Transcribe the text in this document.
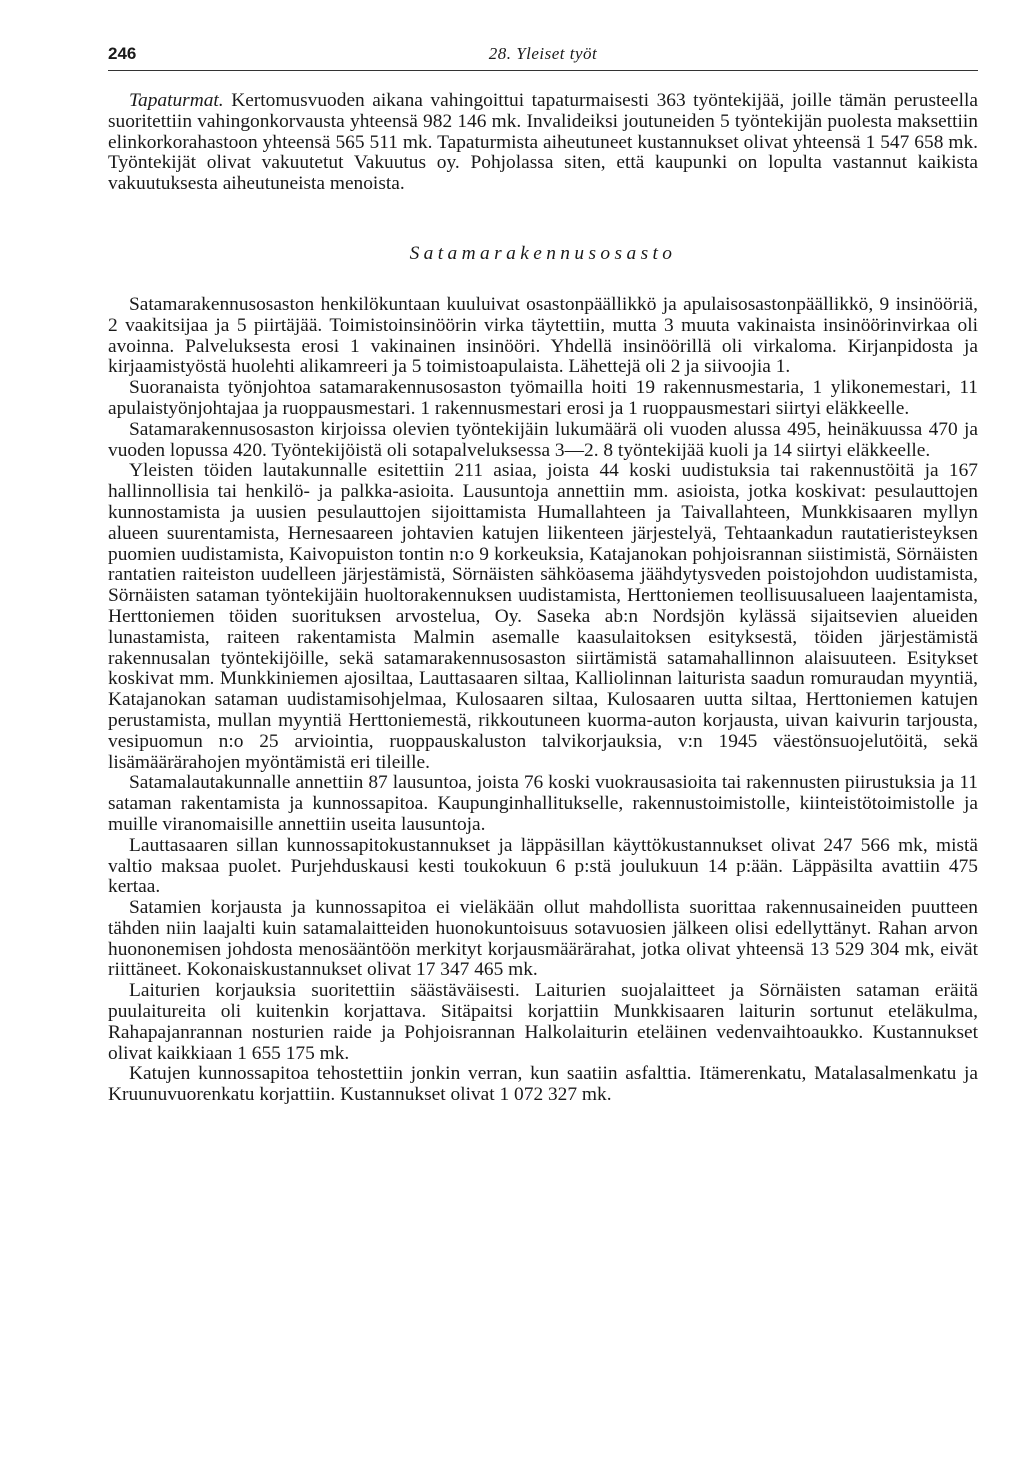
246	28. Yleiset työt

Tapaturmat. Kertomusvuoden aikana vahingoittui tapaturmaisesti 363 työntekijää, joille tämän perusteella suoritettiin vahingonkorvausta yhteensä 982 146 mk. Invalideiksi joutuneiden 5 työntekijän puolesta maksettiin elinkorkorahastoon yhteensä 565 511 mk. Tapaturmista aiheutuneet kustannukset olivat yhteensä 1 547 658 mk. Työntekijät olivat vakuutetut Vakuutus oy. Pohjolassa siten, että kaupunki on lopulta vastannut kaikista vakuutuksesta aiheutuneista menoista.

Satamarakennusosasto

Satamarakennusosaston henkilökuntaan kuuluivat osastonpäällikkö ja apulaisosastonpäällikkö, 9 insinööriä, 2 vaakitsijaa ja 5 piirtäjää. Toimistoinsinöörin virka täytettiin, mutta 3 muuta vakinaista insinöörinvirkaa oli avoinna. Palveluksesta erosi 1 vakinainen insinööri. Yhdellä insinöörillä oli virkaloma. Kirjanpidosta ja kirjaamistyöstä huolehti alikamreeri ja 5 toimistoapulaista. Lähettejä oli 2 ja siivoojia 1.

Suoranaista työnjohtoa satamarakennusosaston työmailla hoiti 19 rakennusmestaria, 1 ylikonemestari, 11 apulaistyönjohtajaa ja ruoppausmestari. 1 rakennusmestari erosi ja 1 ruoppausmestari siirtyi eläkkeelle.

Satamarakennusosaston kirjoissa olevien työntekijäin lukumäärä oli vuoden alussa 495, heinäkuussa 470 ja vuoden lopussa 420. Työntekijöistä oli sotapalveluksessa 3—2. 8 työntekijää kuoli ja 14 siirtyi eläkkeelle.

Yleisten töiden lautakunnalle esitettiin 211 asiaa, joista 44 koski uudistuksia tai rakennustöitä ja 167 hallinnollisia tai henkilö- ja palkka-asioita. Lausuntoja annettiin mm. asioista, jotka koskivat: pesulauttojen kunnostamista ja uusien pesulauttojen sijoittamista Humallahteen ja Taivallahteen, Munkkisaaren myllyn alueen suurentamista, Hernesaareen johtavien katujen liikenteen järjestelyä, Tehtaankadun rautatieristeyksen puomien uudistamista, Kaivopuiston tontin n:o 9 korkeuksia, Katajanokan pohjoisrannan siistimistä, Sörnäisten rantatien raiteiston uudelleen järjestämistä, Sörnäisten sähköasema jäähdytysveden poistojohdon uudistamista, Sörnäisten sataman työntekijäin huoltorakennuksen uudistamista, Herttoniemen teollisuusalueen laajentamista, Herttoniemen töiden suorituksen arvostelua, Oy. Saseka ab:n Nordsjön kylässä sijaitsevien alueiden lunastamista, raiteen rakentamista Malmin asemalle kaasulaitoksen esityksestä, töiden järjestämistä rakennusalan työntekijöille, sekä satamarakennusosaston siirtämistä satamahallinnon alaisuuteen. Esitykset koskivat mm. Munkkiniemen ajosiltaa, Lauttasaaren siltaa, Kalliolinnan laiturista saadun romuraudan myyntiä, Katajanokan sataman uudistamisohjelmaa, Kulosaaren siltaa, Kulosaaren uutta siltaa, Herttoniemen katujen perustamista, mullan myyntiä Herttoniemestä, rikkoutuneen kuorma-auton korjausta, uivan kaivurin tarjousta, vesipuomun n:o 25 arviointia, ruoppauskaluston talvikorjauksia, v:n 1945 väestönsuojelutöitä, sekä lisämäärärahojen myöntämistä eri tileille.

Satamalautakunnalle annettiin 87 lausuntoa, joista 76 koski vuokrausasioita tai rakennusten piirustuksia ja 11 sataman rakentamista ja kunnossapitoa. Kaupunginhallitukselle, rakennustoimistolle, kiinteistötoimistolle ja muille viranomaisille annettiin useita lausuntoja.

Lauttasaaren sillan kunnossapitokustannukset ja läppäsillan käyttökustannukset olivat 247 566 mk, mistä valtio maksaa puolet. Purjehduskausi kesti toukokuun 6 p:stä joulukuun 14 p:ään. Läppäsilta avattiin 475 kertaa.

Satamien korjausta ja kunnossapitoa ei vieläkään ollut mahdollista suorittaa rakennusaineiden puutteen tähden niin laajalti kuin satamalaitteiden huonokuntoisuus sotavuosien jälkeen olisi edellyttänyt. Rahan arvon huononemisen johdosta menosääntöön merkityt korjausmäärärahat, jotka olivat yhteensä 13 529 304 mk, eivät riittäneet. Kokonaiskustannukset olivat 17 347 465 mk.

Laiturien korjauksia suoritettiin säästäväisesti. Laiturien suojalaitteet ja Sörnäisten sataman eräitä puulaitureita oli kuitenkin korjattava. Sitäpaitsi korjattiin Munkkisaaren laiturin sortunut eteläkulma, Rahapajanrannan nosturien raide ja Pohjoisrannan Halkolaiturin eteläinen vedenvaihtoaukko. Kustannukset olivat kaikkiaan 1 655 175 mk.

Katujen kunnossapitoa tehostettiin jonkin verran, kun saatiin asfalttia. Itämerenkatu, Matalasalmenkatu ja Kruunuvuorenkatu korjattiin. Kustannukset olivat 1 072 327 mk.
